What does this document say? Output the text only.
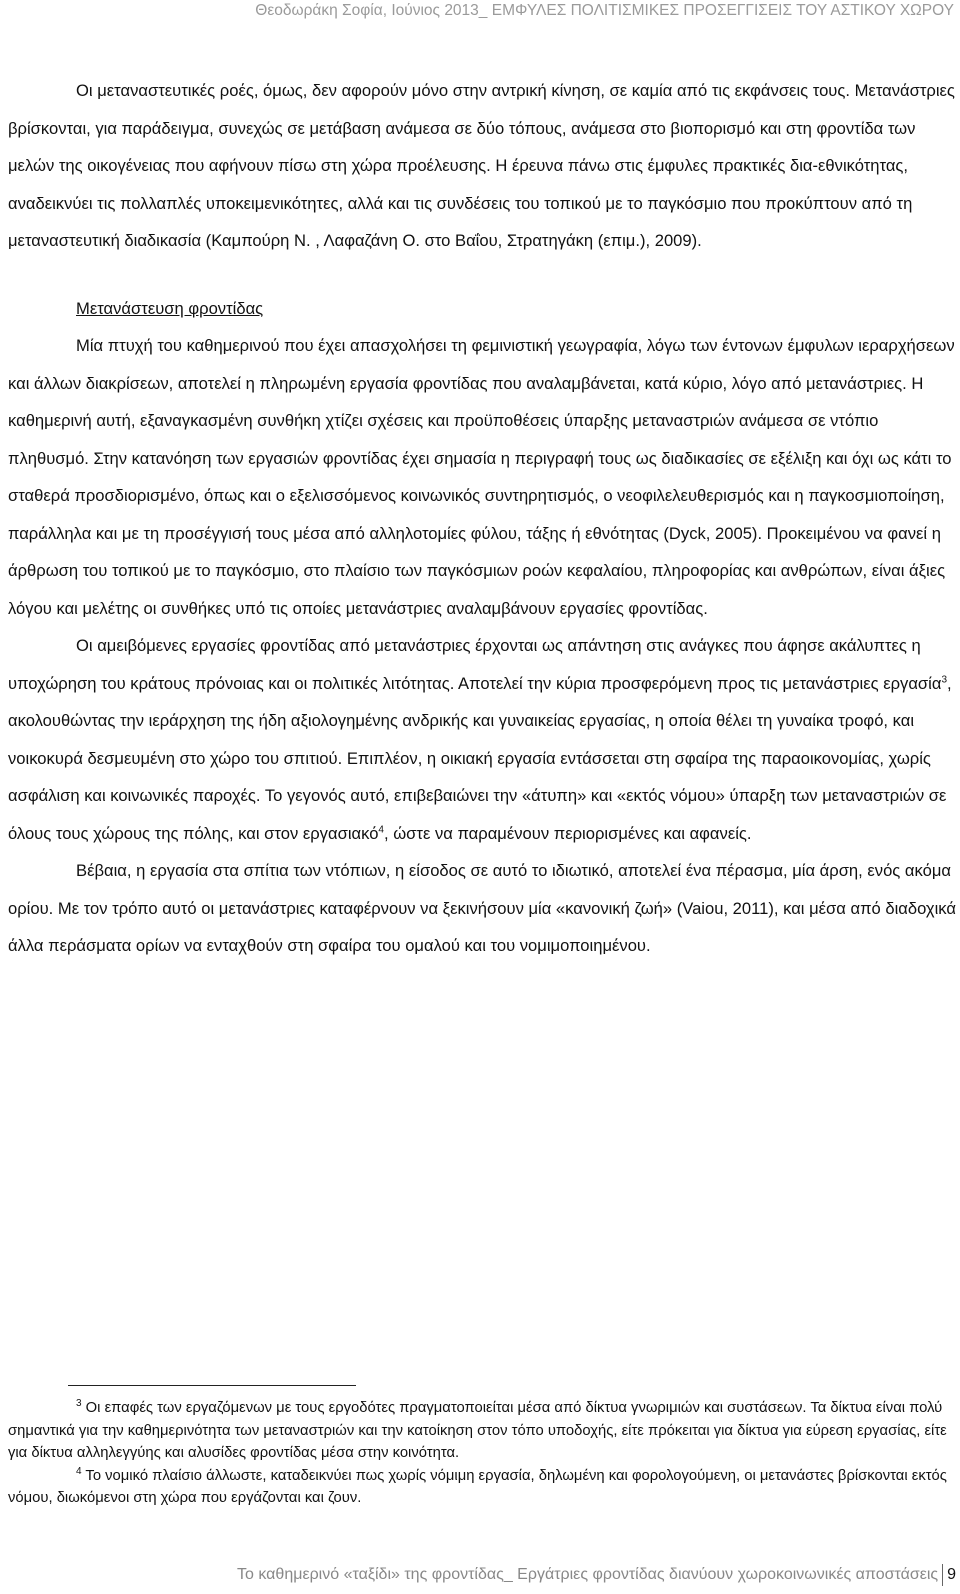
Θεοδωράκη Σοφία, Ιούνιος 2013_ ΕΜΦΥΛΕΣ ΠΟΛΙΤΙΣΜΙΚΕΣ ΠΡΟΣΕΓΓΙΣΕΙΣ ΤΟΥ ΑΣΤΙΚΟΥ ΧΩΡΟΥ

Οι μεταναστευτικές ροές, όμως, δεν αφορούν μόνο στην αντρική κίνηση, σε καμία από τις εκφάνσεις τους. Μετανάστριες βρίσκονται, για παράδειγμα, συνεχώς σε μετάβαση ανάμεσα σε δύο τόπους, ανάμεσα στο βιοπορισμό και στη φροντίδα των μελών της οικογένειας που αφήνουν πίσω στη χώρα προέλευσης. Η έρευνα πάνω στις έμφυλες πρακτικές δια-εθνικότητας, αναδεικνύει τις πολλαπλές υποκειμενικότητες, αλλά και τις συνδέσεις του τοπικού με το παγκόσμιο που προκύπτουν από τη μεταναστευτική διαδικασία (Καμπούρη Ν. , Λαφαζάνη Ο. στο Βαΐου, Στρατηγάκη (επιμ.), 2009).

Μετανάστευση φροντίδας

Μία πτυχή του καθημερινού που έχει απασχολήσει τη φεμινιστική γεωγραφία, λόγω των έντονων έμφυλων ιεραρχήσεων και άλλων διακρίσεων, αποτελεί η πληρωμένη εργασία φροντίδας που αναλαμβάνεται, κατά κύριο, λόγο από μετανάστριες. Η καθημερινή αυτή, εξαναγκασμένη συνθήκη χτίζει σχέσεις και προϋποθέσεις ύπαρξης μεταναστριών ανάμεσα σε ντόπιο πληθυσμό. Στην κατανόηση των εργασιών φροντίδας έχει σημασία η περιγραφή τους ως διαδικασίες σε εξέλιξη και όχι ως κάτι το σταθερά προσδιορισμένο, όπως και ο εξελισσόμενος κοινωνικός συντηρητισμός, ο νεοφιλελευθερισμός και η παγκοσμιοποίηση, παράλληλα και με τη προσέγγισή τους μέσα από αλληλοτομίες φύλου, τάξης ή εθνότητας (Dyck, 2005). Προκειμένου να φανεί η άρθρωση του τοπικού με το παγκόσμιο, στο πλαίσιο των παγκόσμιων ροών κεφαλαίου, πληροφορίας και ανθρώπων, είναι άξιες λόγου και μελέτης οι συνθήκες υπό τις οποίες μετανάστριες αναλαμβάνουν εργασίες φροντίδας.

Οι αμειβόμενες εργασίες φροντίδας από μετανάστριες έρχονται ως απάντηση στις ανάγκες που άφησε ακάλυπτες η υποχώρηση του κράτους πρόνοιας και οι πολιτικές λιτότητας. Αποτελεί την κύρια προσφερόμενη προς τις μετανάστριες εργασία$^3$, ακολουθώντας την ιεράρχηση της ήδη αξιολογημένης ανδρικής και γυναικείας εργασίας, η οποία θέλει τη γυναίκα τροφό, και νοικοκυρά δεσμευμένη στο χώρο του σπιτιού. Επιπλέον, η οικιακή εργασία εντάσσεται στη σφαίρα της παραοικονομίας, χωρίς ασφάλιση και κοινωνικές παροχές. Το γεγονός αυτό, επιβεβαιώνει την «άτυπη» και «εκτός νόμου» ύπαρξη των μεταναστριών σε όλους τους χώρους της πόλης, και στον εργασιακό$^4$, ώστε να παραμένουν περιορισμένες και αφανείς.

Βέβαια, η εργασία στα σπίτια των ντόπιων, η είσοδος σε αυτό το ιδιωτικό, αποτελεί ένα πέρασμα, μία άρση, ενός ακόμα ορίου. Με τον τρόπο αυτό οι μετανάστριες καταφέρνουν να ξεκινήσουν μία «κανονική ζωή» (Vaiou, 2011), και μέσα από διαδοχικά άλλα περάσματα ορίων να ενταχθούν στη σφαίρα του ομαλού και του νομιμοποιημένου.

$^3$ Οι επαφές των εργαζόμενων με τους εργοδότες πραγματοποιείται μέσα από δίκτυα γνωριμιών και συστάσεων. Τα δίκτυα είναι πολύ σημαντικά για την καθημερινότητα των μεταναστριών και την κατοίκηση στον τόπο υποδοχής, είτε πρόκειται για δίκτυα για εύρεση εργασίας, είτε για δίκτυα αλληλεγγύης και αλυσίδες φροντίδας μέσα στην κοινότητα.

$^4$ Το νομικό πλαίσιο άλλωστε, καταδεικνύει πως χωρίς νόμιμη εργασία, δηλωμένη και φορολογούμενη, οι μετανάστες βρίσκονται εκτός νόμου, διωκόμενοι στη χώρα που εργάζονται και ζουν.

Το καθημερινό «ταξίδι» της φροντίδας_ Εργάτριες φροντίδας διανύουν χωροκοινωνικές αποστάσεις 9
